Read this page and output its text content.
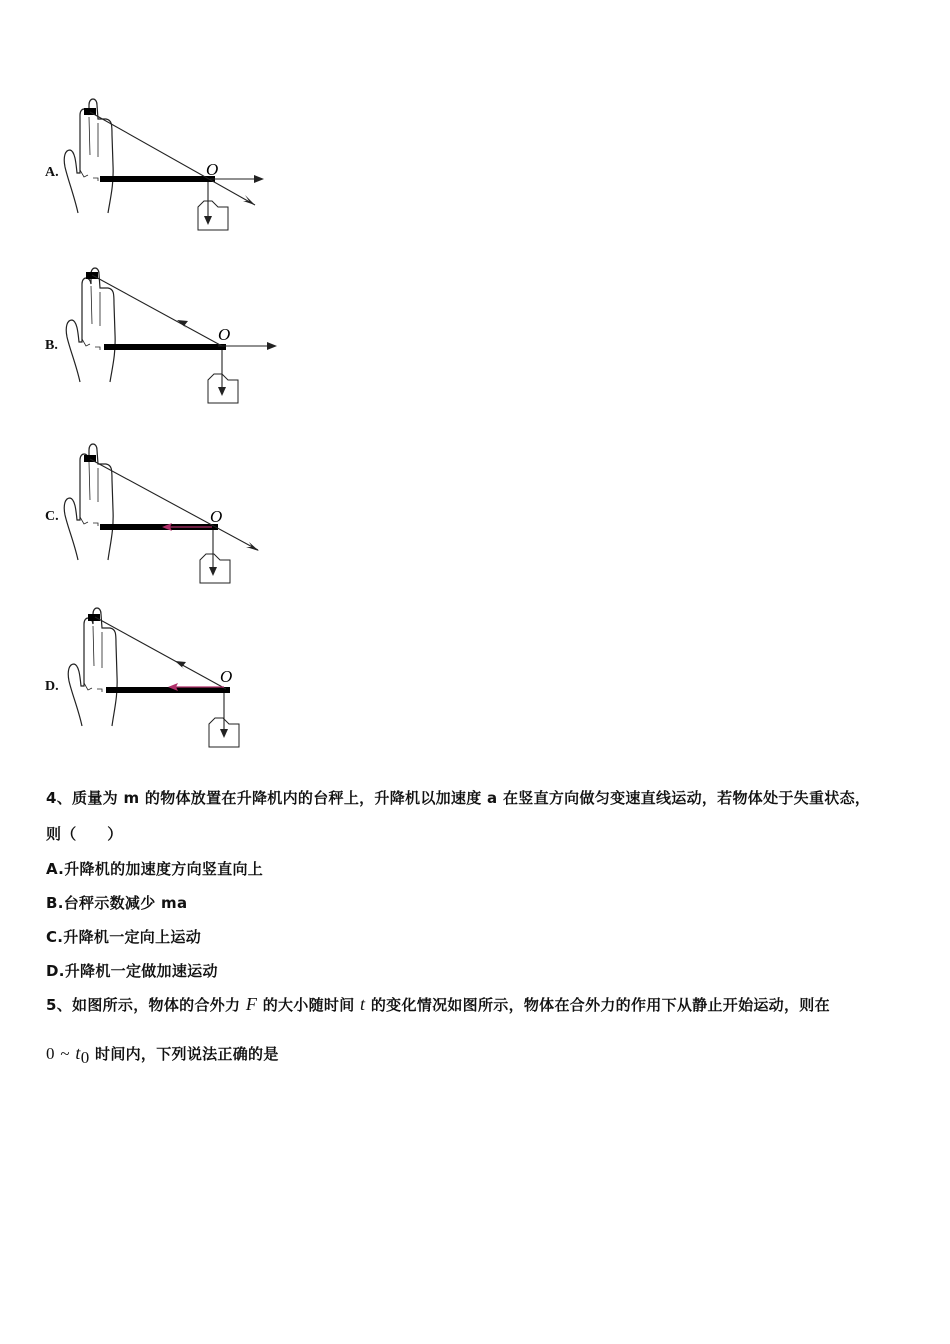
A.	O
B.
O
C.	O
D.
O
4、质量为 m 的物体放置在升降机内的台秤上，升降机以加速度 a 在竖直方向做匀变速直线运动，若物体处于失重状态，
则（　　）
A.升降机的加速度方向竖直向上
B.台秤示数减少 ma
C.升降机一定向上运动
D.升降机一定做加速运动
5、如图所示，物体的合外力 F 的大小随时间 t 的变化情况如图所示，物体在合外力的作用下从静止开始运动，则在
0 ~ $t_0$ 时间内，下列说法正确的是
